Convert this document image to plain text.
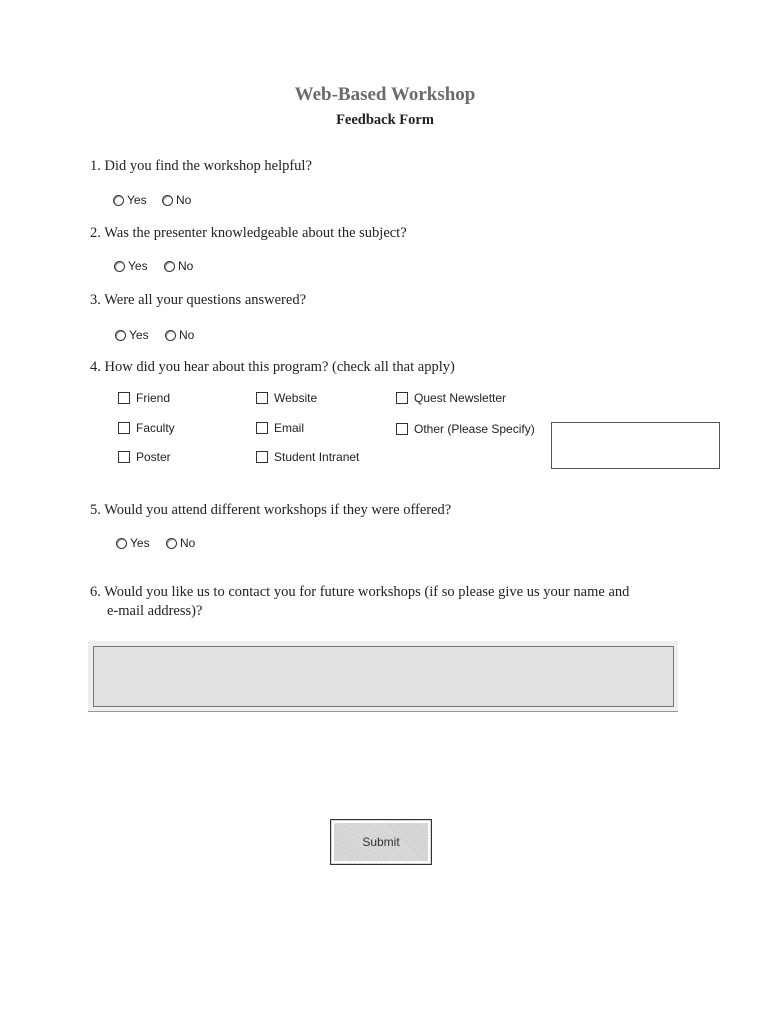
Web-Based Workshop
Feedback Form
1. Did you find the workshop helpful?
Yes No
2. Was the presenter knowledgeable about the subject?
Yes	No
3. Were all your questions answered?
Yes	No
4. How did you hear about this program? (check all that apply)
Friend	Website	Quest Newsletter
Faculty	Email	Other (Please Specify)
Poster	Student Intranet
5. Would you attend different workshops if they were offered?
Yes	No
6. Would you like us to contact you for future workshops (if so please give us your name and
e-mail address)?
Submit
